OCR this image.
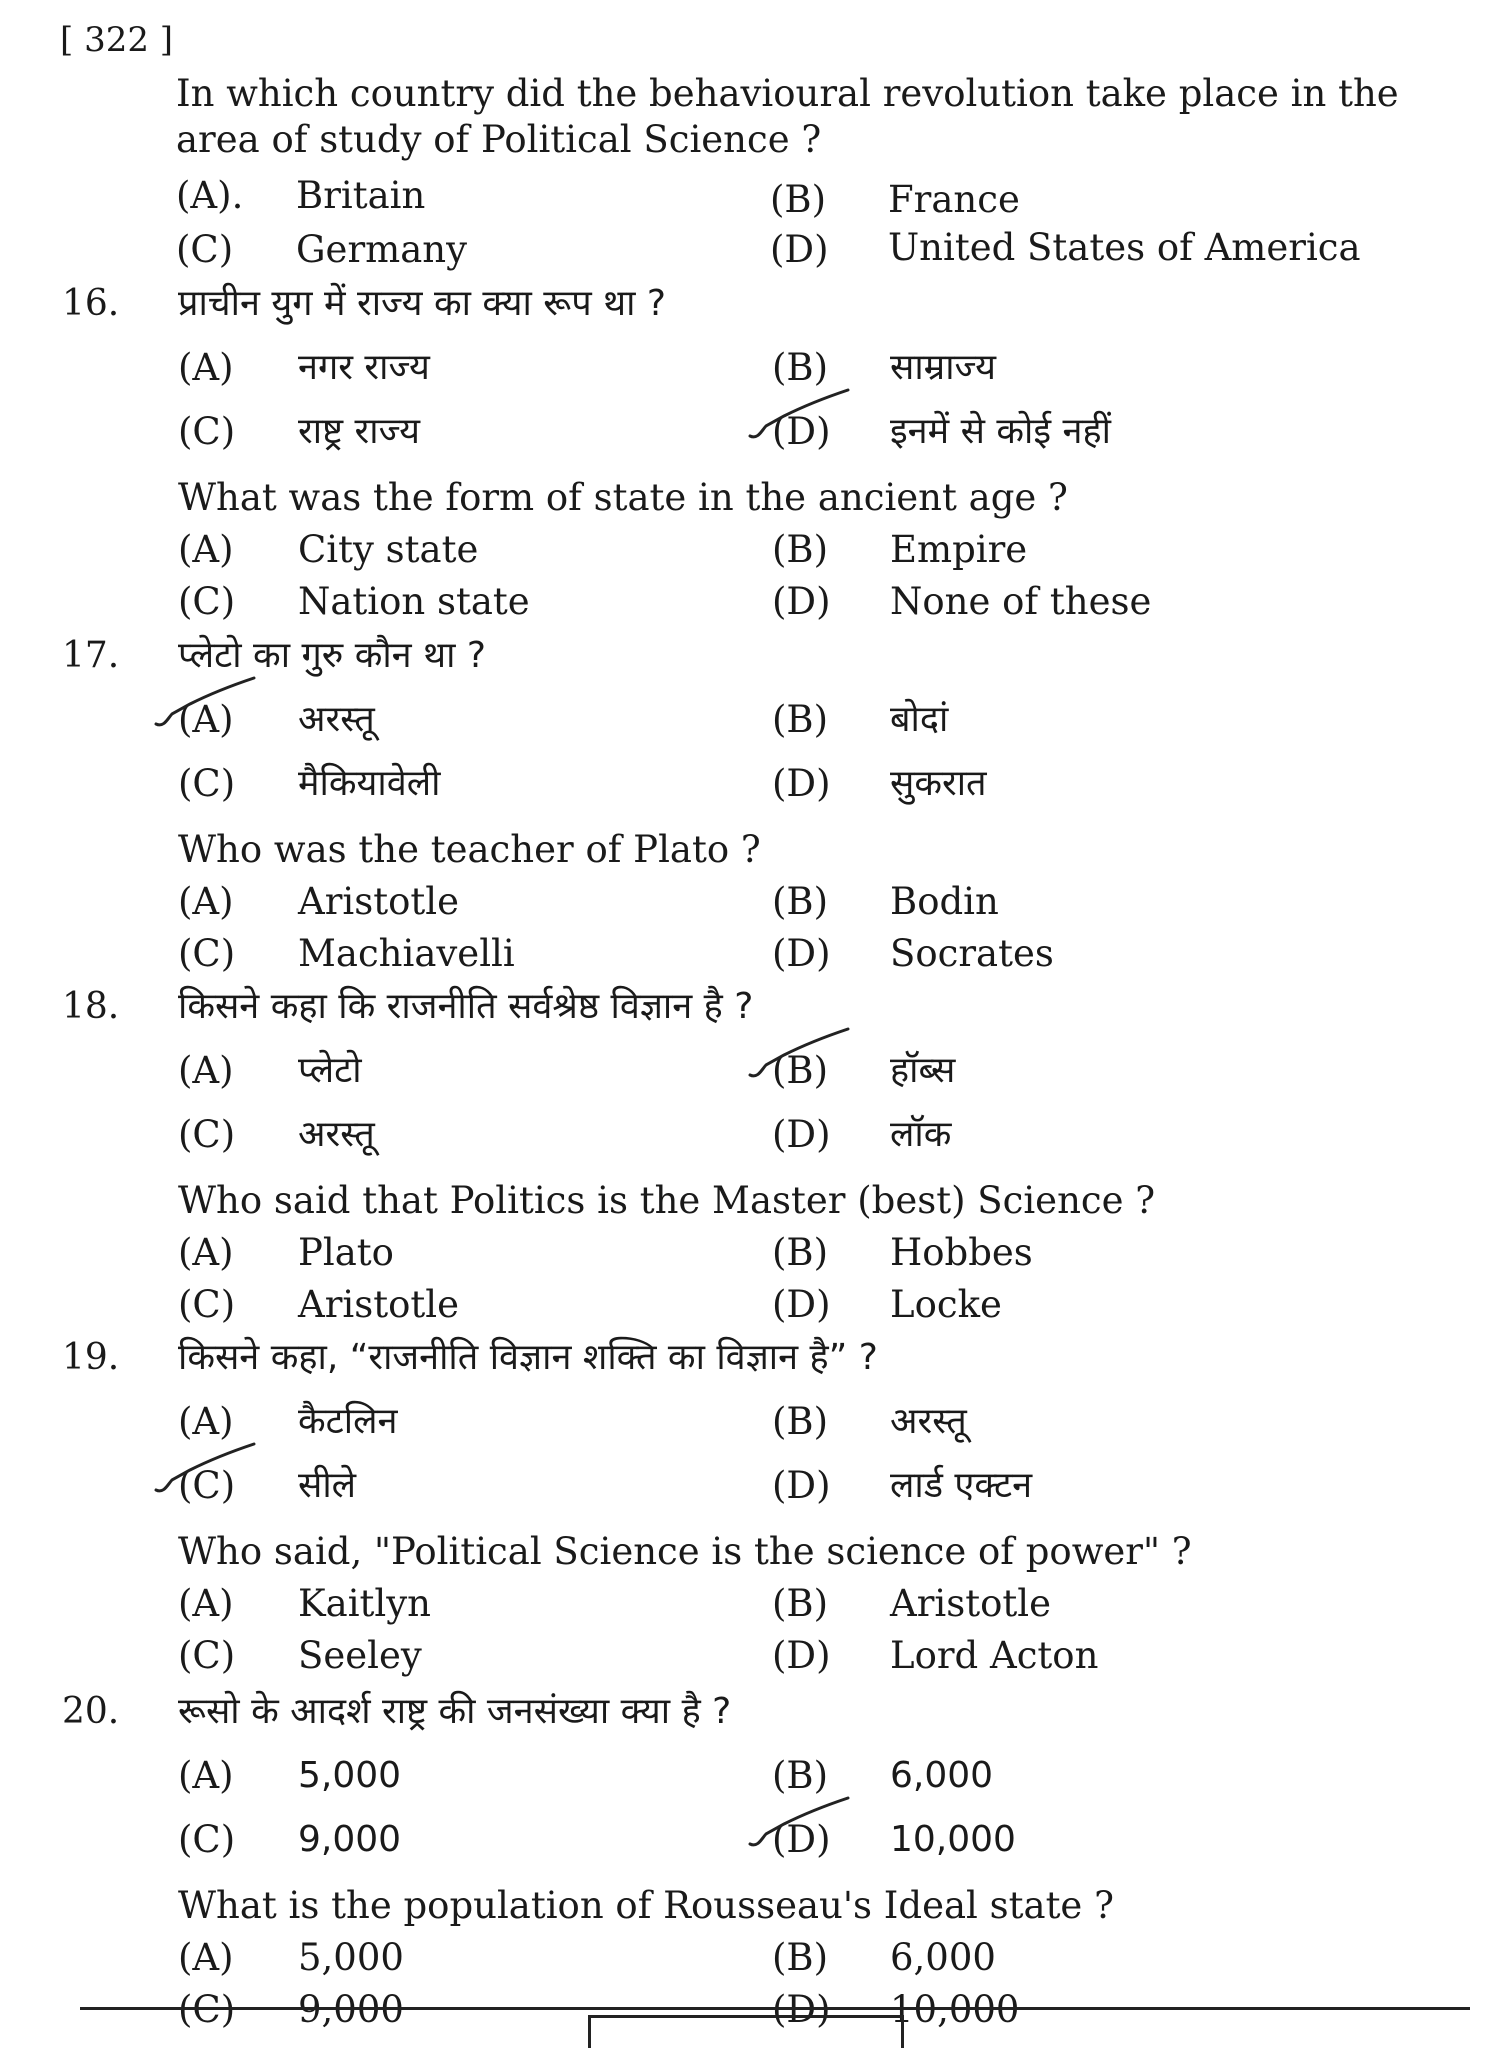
[ 322 ]
In which country did the behavioural revolution take place in the
area of study of Political Science ?
(A). Britain	(B) France
(C) Germany	(D) United States of America
16. प्राचीन युग में राज्य का क्या रूप था ?
(A) नगर राज्य	(B) साम्राज्य
(C) राष्ट्र राज्य	(D) इनमें से कोई नहीं
What was the form of state in the ancient age ?
(A) City state	(B) Empire
(C) Nation state	(D) None of these
17. प्लेटो का गुरु कौन था ?
(A) अरस्तू	(B) बोदां
(C) मैकियावेली	(D) सुकरात
Who was the teacher of Plato ?
(A) Aristotle	(B) Bodin
(C) Machiavelli	(D) Socrates
18. किसने कहा कि राजनीति सर्वश्रेष्ठ विज्ञान है ?
(A) प्लेटो	(B) हॉब्स
(C) अरस्तू	(D) लॉक
Who said that Politics is the Master (best) Science ?
(A) Plato	(B) Hobbes
(C) Aristotle	(D) Locke
19. किसने कहा, “राजनीति विज्ञान शक्ति का विज्ञान है” ?
(A) कैटलिन	(B) अरस्तू
(C) सीले	(D) लार्ड एक्टन
Who said, "Political Science is the science of power" ?
(A) Kaitlyn	(B) Aristotle
(C) Seeley	(D) Lord Acton
20. रूसो के आदर्श राष्ट्र की जनसंख्या क्या है ?
(A) 5,000	(B) 6,000
(C) 9,000	(D) 10,000
What is the population of Rousseau's Ideal state ?
(A) 5,000	(B) 6,000
(C) 9,000	(D) 10,000
